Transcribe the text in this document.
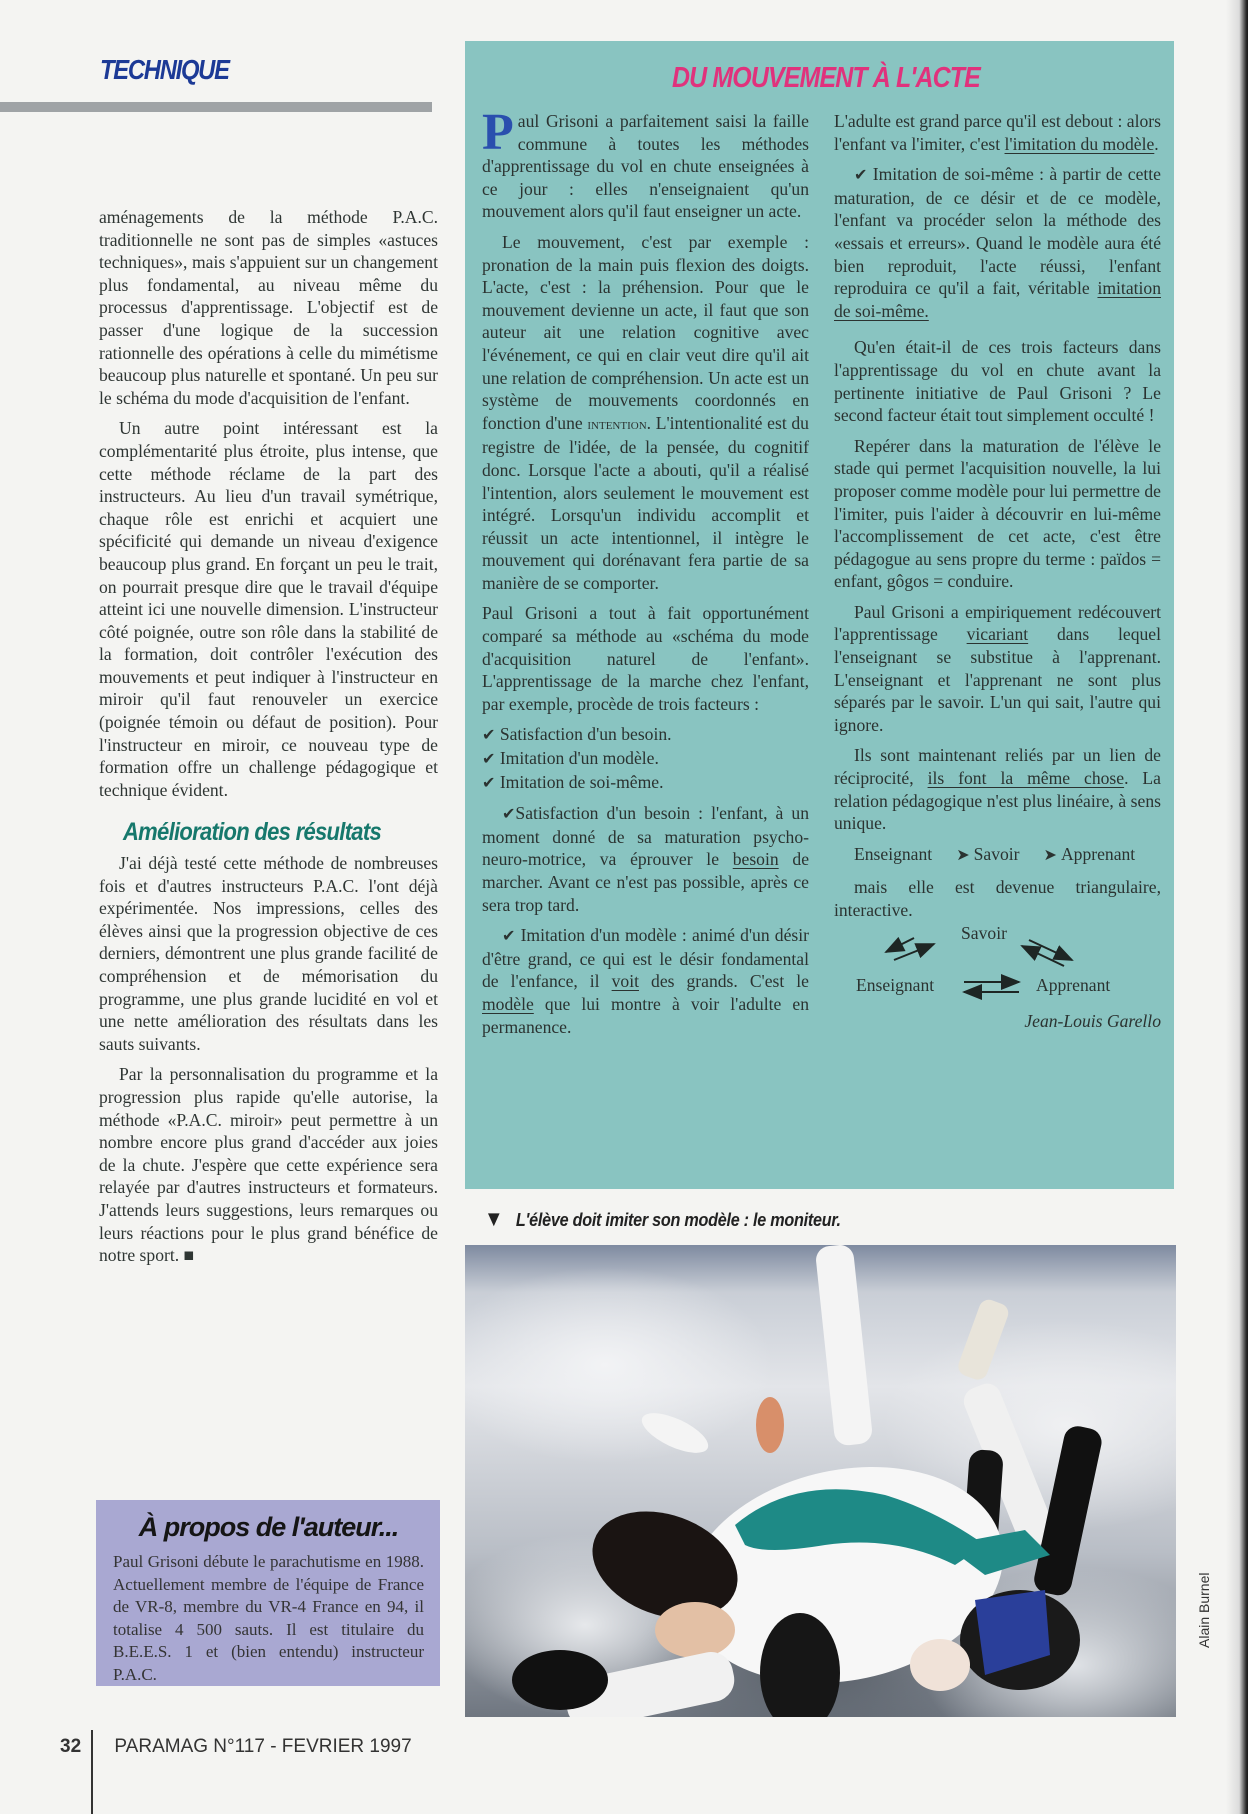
TECHNIQUE

aménagements de la méthode P.A.C. traditionnelle ne sont pas de simples «astuces techniques», mais s'appuient sur un changement plus fondamental, au niveau même du processus d'apprentissage. L'objectif est de passer d'une logique de la succession rationnelle des opérations à celle du mimétisme beaucoup plus naturelle et spontané. Un peu sur le schéma du mode d'acquisition de l'enfant.

Un autre point intéressant est la complémentarité plus étroite, plus intense, que cette méthode réclame de la part des instructeurs. Au lieu d'un travail symétrique, chaque rôle est enrichi et acquiert une spécificité qui demande un niveau d'exigence beaucoup plus grand. En forçant un peu le trait, on pourrait presque dire que le travail d'équipe atteint ici une nouvelle dimension. L'instructeur côté poignée, outre son rôle dans la stabilité de la formation, doit contrôler l'exécution des mouvements et peut indiquer à l'instructeur en miroir qu'il faut renouveler un exercice (poignée témoin ou défaut de position). Pour l'instructeur en miroir, ce nouveau type de formation offre un challenge pédagogique et technique évident.

Amélioration des résultats

J'ai déjà testé cette méthode de nombreuses fois et d'autres instructeurs P.A.C. l'ont déjà expérimentée. Nos impressions, celles des élèves ainsi que la progression objective de ces derniers, démontrent une plus grande facilité de compréhension et de mémorisation du programme, une plus grande lucidité en vol et une nette amélioration des résultats dans les sauts suivants.

Par la personnalisation du programme et la progression plus rapide qu'elle autorise, la méthode «P.A.C. miroir» peut permettre à un nombre encore plus grand d'accéder aux joies de la chute. J'espère que cette expérience sera relayée par d'autres instructeurs et formateurs. J'attends leurs suggestions, leurs remarques ou leurs réactions pour le plus grand bénéfice de notre sport. ■

À propos de l'auteur...
Paul Grisoni débute le parachutisme en 1988. Actuellement membre de l'équipe de France de VR-8, membre du VR-4 France en 94, il totalise 4 500 sauts. Il est titulaire du B.E.E.S. 1 et (bien entendu) instructeur P.A.C.
32 PARAMAG N°117 - FEVRIER 1997
DU MOUVEMENT À L'ACTE

Paul Grisoni a parfaitement saisi la faille commune à toutes les méthodes d'apprentissage du vol en chute enseignées à ce jour : elles n'enseignaient qu'un mouvement alors qu'il faut enseigner un acte.

Le mouvement, c'est par exemple : pronation de la main puis flexion des doigts. L'acte, c'est : la préhension. Pour que le mouvement devienne un acte, il faut que son auteur ait une relation cognitive avec l'événement, ce qui en clair veut dire qu'il ait une relation de compréhension. Un acte est un système de mouvements coordonnés en fonction d'une intention. L'intentionalité est du registre de l'idée, de la pensée, du cognitif donc. Lorsque l'acte a abouti, qu'il a réalisé l'intention, alors seulement le mouvement est intégré. Lorsqu'un individu accomplit et réussit un acte intentionnel, il intègre le mouvement qui dorénavant fera partie de sa manière de se comporter.

Paul Grisoni a tout à fait opportunément comparé sa méthode au «schéma du mode d'acquisition naturel de l'enfant». L'apprentissage de la marche chez l'enfant, par exemple, procède de trois facteurs :

✔ Satisfaction d'un besoin.

✔ Imitation d'un modèle.

✔ Imitation de soi-même.

✔Satisfaction d'un besoin : l'enfant, à un moment donné de sa maturation psycho-neuro-motrice, va éprouver le besoin de marcher. Avant ce n'est pas possible, après ce sera trop tard.

✔ Imitation d'un modèle : animé d'un désir d'être grand, ce qui est le désir fondamental de l'enfance, il voit des grands. C'est le modèle que lui montre à voir l'adulte en permanence.

L'adulte est grand parce qu'il est debout : alors l'enfant va l'imiter, c'est l'imitation du modèle.

✔ Imitation de soi-même : à partir de cette maturation, de ce désir et de ce modèle, l'enfant va procéder selon la méthode des «essais et erreurs». Quand le modèle aura été bien reproduit, l'acte réussi, l'enfant reproduira ce qu'il a fait, véritable imitation de soi-même.

Qu'en était-il de ces trois facteurs dans l'apprentissage du vol en chute avant la pertinente initiative de Paul Grisoni ? Le second facteur était tout simplement occulté !

Repérer dans la maturation de l'élève le stade qui permet l'acquisition nouvelle, la lui proposer comme modèle pour lui permettre de l'imiter, puis l'aider à découvrir en lui-même l'accomplissement de cet acte, c'est être pédagogue au sens propre du terme : païdos = enfant, gôgos = conduire.

Paul Grisoni a empiriquement redécouvert l'apprentissage vicariant dans lequel l'enseignant se substitue à l'apprenant. L'enseignant et l'apprenant ne sont plus séparés par le savoir. L'un qui sait, l'autre qui ignore.

Ils sont maintenant reliés par un lien de réciprocité, ils font la même chose. La relation pédagogique n'est plus linéaire, à sens unique.

Enseignant ➤ Savoir ➤ Apprenant

mais elle est devenue triangulaire, interactive.

Savoir
Enseignant	Apprenant
Jean-Louis Garello
▼ L'élève doit imiter son modèle : le moniteur.
Alain Burnel
